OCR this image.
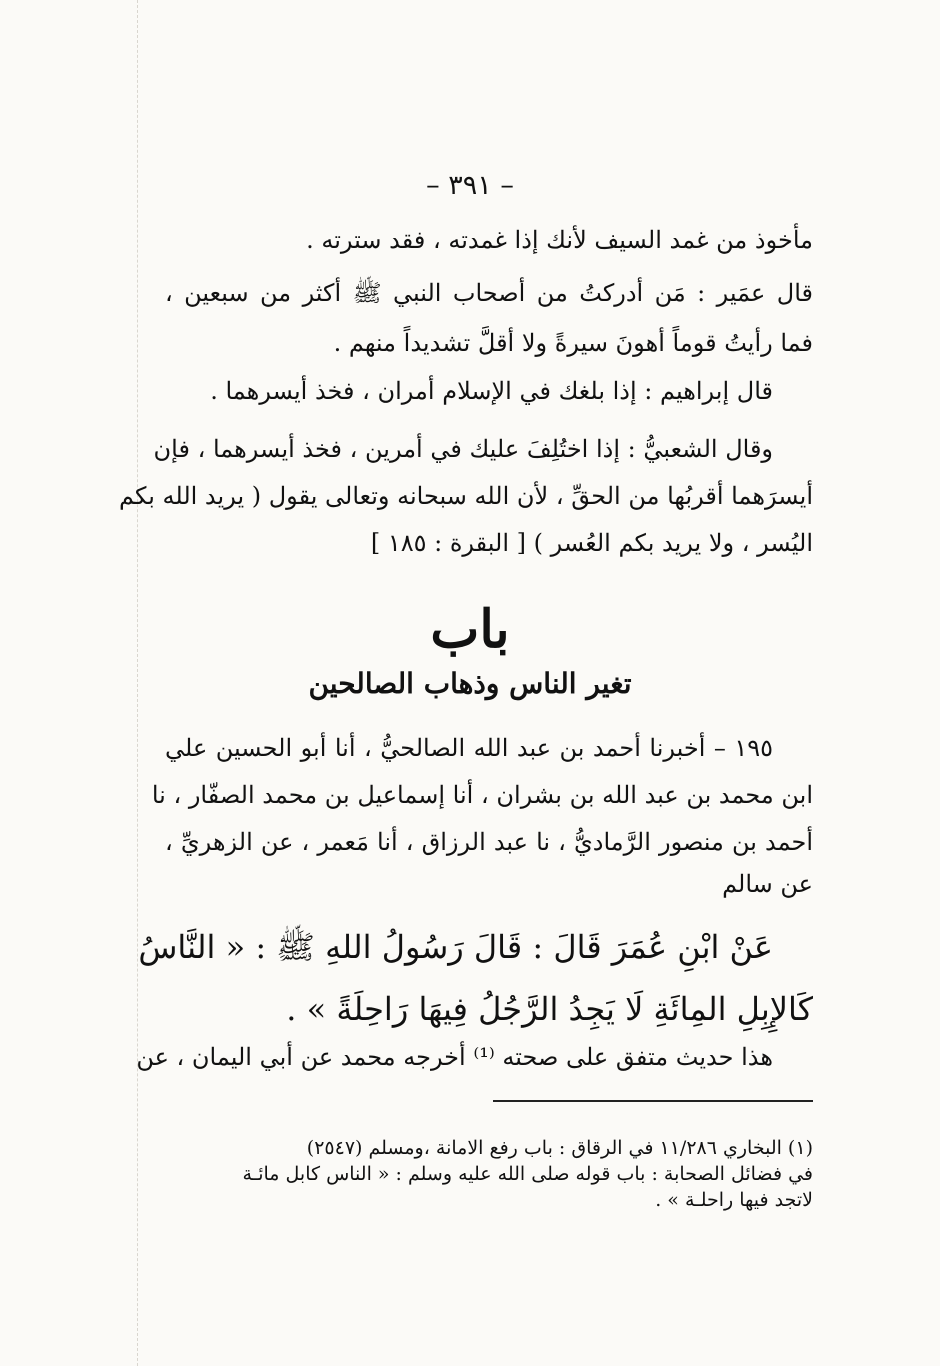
– ٣٩١ –
مأخوذ من غمد السيف لأنك إذا غمدته ، فقد سترته .
قال عمَير : مَن أدركتُ من أصحاب النبي ﷺ أكثر من سبعين ،
فما رأيتُ قوماً أهونَ سيرةً ولا أقلَّ تشديداً منهم .
قال إبراهيم : إذا بلغك في الإسلام أمران ، فخذ أيسرهما .
وقال الشعبيُّ : إذا اختُلِفَ عليك في أمرين ، فخذ أيسرهما ، فإن
أيسرَهما أقربُها من الحقِّ ، لأن الله سبحانه وتعالى يقول ( يريد الله بكم
اليُسر ، ولا يريد بكم العُسر ) [ البقرة : ١٨٥ ]
باب
تغير الناس وذهاب الصالحين
١٩٥ – أخبرنا أحمد بن عبد الله الصالحيُّ ، أنا أبو الحسين علي
ابن محمد بن عبد الله بن بشران ، أنا إسماعيل بن محمد الصفّار ، نا
أحمد بن منصور الرَّماديُّ ، نا عبد الرزاق ، أنا مَعمر ، عن الزهريِّ ،
عن سالم
عَنْ ابْنِ عُمَرَ قَالَ : قَالَ رَسُولُ اللهِ ﷺ : « النَّاسُ
كَالإِبِلِ المِائَةِ لَا يَجِدُ الرَّجُلُ فِيهَا رَاحِلَةً » .
هذا حديث متفق على صحته ⁽¹⁾ أخرجه محمد عن أبي اليمان ، عن
(١) البخاري ١١/٢٨٦ في الرقاق : باب رفع الامانة ،ومسلم (٢٥٤٧)
في فضائل الصحابة : باب قوله صلى الله عليه وسلم : « الناس كابل مائـة
لاتجد فيها راحلـة » .
